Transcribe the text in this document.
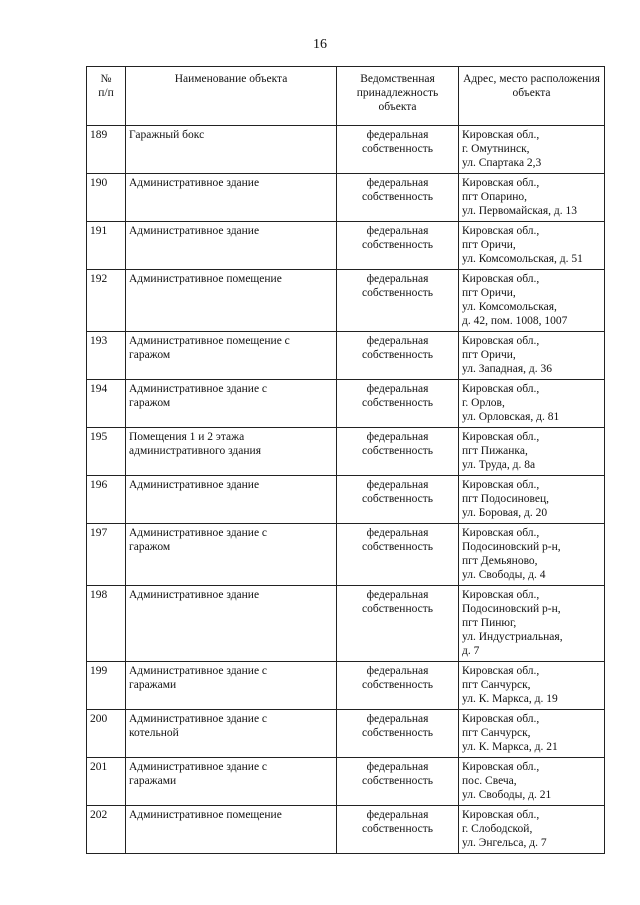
16
№
п/п	Наименование объекта	Ведомственная принадлежность объекта	Адрес, место расположения объекта
189	Гаражный бокс	федеральная собственность	Кировская обл.,
г. Омутнинск,
ул. Спартака 2,3
190	Административное здание	федеральная собственность	Кировская обл.,
пгт Опарино,
ул. Первомайская, д. 13
191	Административное здание	федеральная собственность	Кировская обл.,
пгт Оричи,
ул. Комсомольская, д. 51
192	Административное помещение	федеральная собственность	Кировская обл.,
пгт Оричи,
ул. Комсомольская,
д. 42, пом. 1008, 1007
193	Административное помещение с
гаражом	федеральная собственность	Кировская обл.,
пгт Оричи,
ул. Западная, д. 36
194	Административное здание с
гаражом	федеральная собственность	Кировская обл.,
г. Орлов,
ул. Орловская, д. 81
195	Помещения 1 и 2 этажа
административного здания	федеральная собственность	Кировская обл.,
пгт Пижанка,
ул. Труда, д. 8а
196	Административное здание	федеральная собственность	Кировская обл.,
пгт Подосиновец,
ул. Боровая, д. 20
197	Административное здание с
гаражом	федеральная собственность	Кировская обл.,
Подосиновский р-н,
пгт Демьяново,
ул. Свободы, д. 4
198	Административное здание	федеральная собственность	Кировская обл.,
Подосиновский р-н,
пгт Пинюг,
ул. Индустриальная,
д. 7
199	Административное здание с
гаражами	федеральная собственность	Кировская обл.,
пгт Санчурск,
ул. К. Маркса, д. 19
200	Административное здание с
котельной	федеральная собственность	Кировская обл.,
пгт Санчурск,
ул. К. Маркса, д. 21
201	Административное здание с
гаражами	федеральная собственность	Кировская обл.,
пос. Свеча,
ул. Свободы, д. 21
202	Административное помещение	федеральная собственность	Кировская обл.,
г. Слободской,
ул. Энгельса, д. 7
